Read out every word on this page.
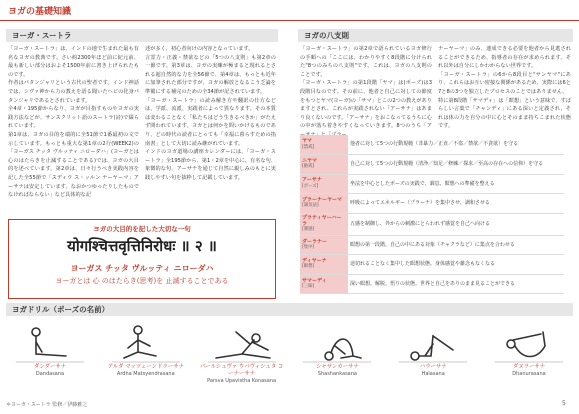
ヨガの基礎知識
ヨーガ・スートラ
「ヨーガ・スートラ」は、インドの地で生まれた最も有名なヨガの教典です。さい約2300年ほど前に紀元前、最も新しい部分はおよそ1500年前に書き上げられたものです。
作者はパタンジャリという古代の聖者です。インド神話では、シヴァ神から力の教えを語る聞いたへビの化身パタンジャリであるとされています。
全4章・195節からなり、ヨガが目指すものやヨガの実践方法などが、サンスクリット語のスートラ(詩)で綴られています。
第1章は、ヨガの目的を端的に全51節で1番最初の文で示しています。もっとも重大な第1章の2行(WEEK2)の「ヨーガス チッタ ヴルッティ ニローダハ」(ヨーガとは心のはたらきを止滅することである)では、ヨガの大目的を述べています。第2章は、日々行うべき実践内容を記した全55節で「スディウ ス・ッルン ナーヤーマ」アーサナは安定しています、なおかつゆったりしたものでなければならない」など具体的な記
述が多く、初心者向けの内容となっています。
言霊力・正義・禁欲などの「5つの八支則」も第2章の一節です。第3章は、ヨガの実練が極まると現れるとされる超自然的な力を全56節で、第4章は、もっとも近年に加筆された部分ですが、ヨガの解放となるこう乏論を準備にする補完のための全34節が記されています。
「ヨーガ・スートラ」の読み解き方や翻訳の仕方などは、学派、流派、実践者によって異なります。その本質は変わることなく「私たちはどう生きるべきか」がたえず問われています。ヨガとは何かを問いかけるものであり、どの時代の読者にとっても「幸福に暮らすための指南書」として大切に読み継がれています。
インドのヨガ道場の講座カレンダーには、「ヨーガ・スートラ」全195節から、第1・2章を中心に、有名な句、象徴的な句、アーサナを通じて自然に親しみのもとに実践しやすい句を抜粋して記載しています。
ヨガの大目的を記した大切な一句
योगश्चित्तवृत्तिनिरोधः ॥ २ ॥
ヨーガス チッタ ヴルッティ ニローダハ
ヨーガとは 心 のはたらき(思考)を 止滅することである
ヨガの八支則
「ヨーガ・スートラ」の第2章で語られているヨガ修行の手順への「ここには、わかりやすく8段階に分けられた"8つのみちの八支則"です。これは、ヨガの八支則のことです。
「ヨーガ・スートラ」の第1段階「ヤマ」は(ポーズ)は3段階目なのです。その前に、他者と自己に対しての節度をもつとヤマ(ヨーガ)の「サマ」とこの2つの教えがありますとされ、これらが実践されない「アーサナ」はあまり良くないのです。「アーサナ」をおこなってるうちに心の中が落ち着きやすくなっていきます。8つのうち「ア
ナーヤーマ」のみ、連成できる必要を他者から見逃されることができるため、指導者の存在が求められます。それ以外は自分にしかわからない世界です。
「ヨーガ・スートラ」の6から8段目と"サンヤマ"にあり、これらはお互い密接な関係があるため、実際には6と7と8の3つを独立したプロセスのことではありません。
特に第8段階「サマディ」は「瞑想」という意味で、すばらしい言葉で「チャンディ」にある深いと定義され、それは体の力を自分の中に心とそのまま持ちこまれた状態です。
ヤマ
[禁戒]	他者に対して5つの行動規範（非暴力／正直／不盗／禁欲／不貪欲）を守る
ニヤマ
[勧戒]	自己に対して5つの行動規範（清浄／知足／修練／探求／至高の存在への信仰）を守る
アーサナ
[ポーズ]	坐法を中心としたポーズの実践で、調息、瞑想への準備を整える
プラーナーヤーマ
[調気法]	呼吸によってエネルギー（プラーナ）を集中させ、調和させる
プラティヤーハーラ
[制感]	五感を制御し、外からの刺激にとらわれず感覚を自己へ向ける
ダーラナー
[集中]	瞑想の第一段階。自己の中にある対象（チャクラなど）に集点を合わせる
ディヤーナ
[瞑想]	途切れることなく集中した瞑想状態。身体感覚や雑念もなくなる
サマーディ
[三昧]	深い瞑想。解脱。悟りの状態。世界と自己をありのまま見ることができる
ヨガドリル（ポーズの名前）
ダンダーサナ
Dandasana
アルダ マッツェーンドラーサナ
Ardha Matsyendrasana
パールシュヴァ ウパヴィシュタ コーナーサナ
Parsva Upavistha Konasana
シャサンカーサナ
Shashankasana
ハラーサナ
Halasana
ダヌラーサナ
Dhanurasana
＊ヨーガ・スートラ 監修／伊藤雅之	5
